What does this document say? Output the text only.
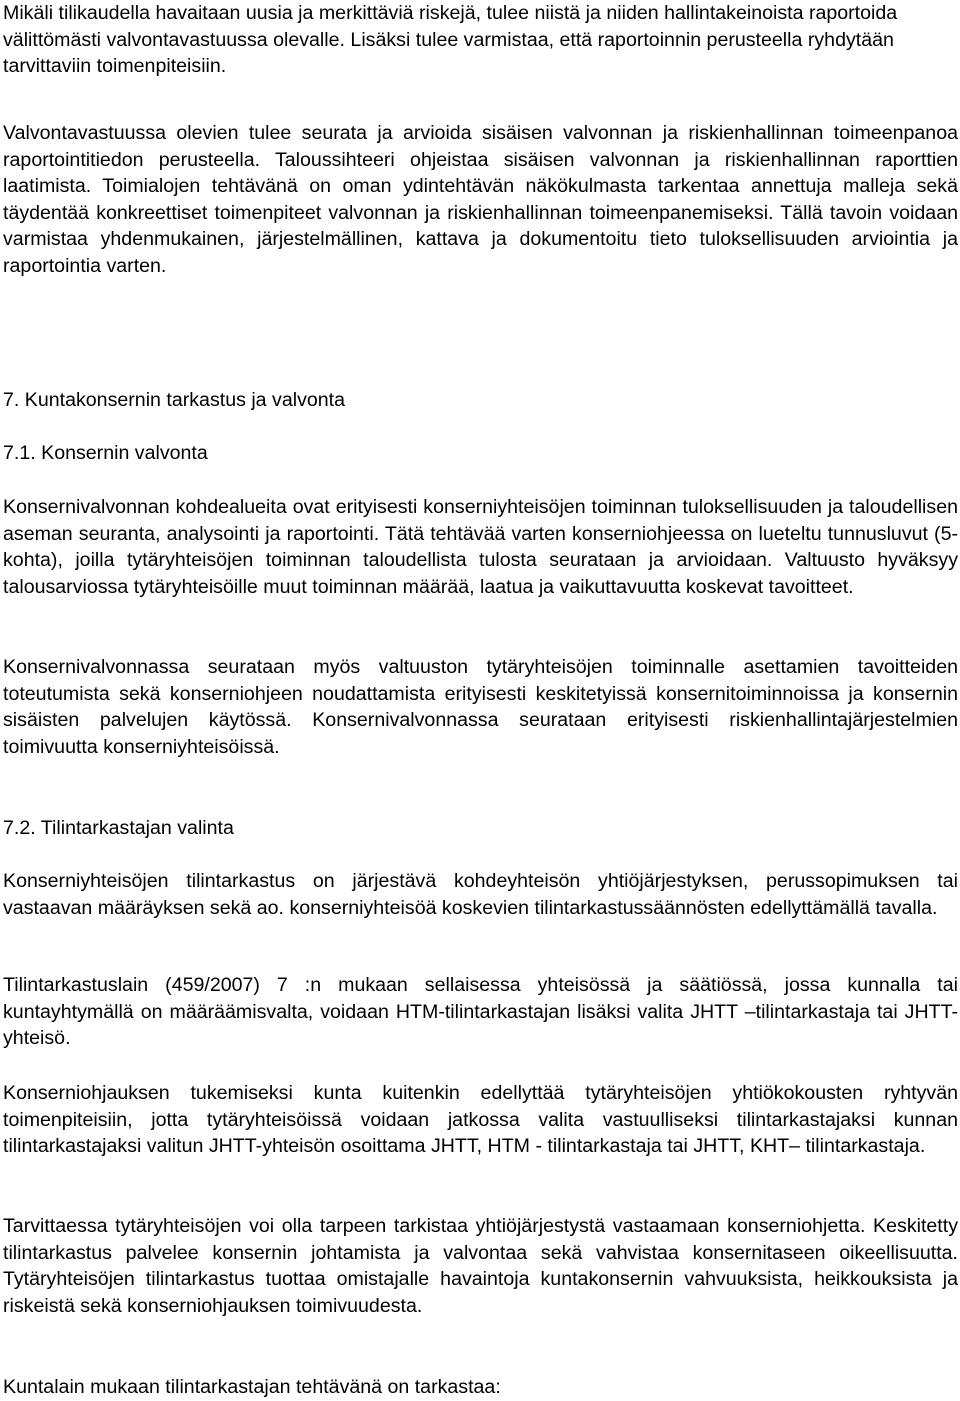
Mikäli tilikaudella havaitaan uusia ja merkittäviä riskejä, tulee niistä ja niiden hallintakeinoista raportoida välittömästi valvontavastuussa olevalle. Lisäksi tulee varmistaa, että raportoinnin perusteella ryhdytään tarvittaviin toimenpiteisiin.

Valvontavastuussa olevien tulee seurata ja arvioida sisäisen valvonnan ja riskienhallinnan toimeenpanoa raportointitiedon perusteella. Taloussihteeri ohjeistaa sisäisen valvonnan ja riskienhallinnan raporttien laatimista. Toimialojen tehtävänä on oman ydintehtävän näkökulmasta tarkentaa annettuja malleja sekä täydentää konkreettiset toimenpiteet valvonnan ja riskienhallinnan toimeenpanemiseksi. Tällä tavoin voidaan varmistaa yhdenmukainen, järjestelmällinen, kattava ja dokumentoitu tieto tuloksellisuuden arviointia ja raportointia varten.

7. Kuntakonsernin tarkastus ja valvonta
7.1. Konsernin valvonta

Konsernivalvonnan kohdealueita ovat erityisesti konserniyhteisöjen toiminnan tuloksellisuuden ja taloudellisen aseman seuranta, analysointi ja raportointi. Tätä tehtävää varten konserniohjeessa on lueteltu tunnusluvut (5-kohta), joilla tytäryhteisöjen toiminnan taloudellista tulosta seurataan ja arvioidaan. Valtuusto hyväksyy talousarviossa tytäryhteisöille muut toiminnan määrää, laatua ja vaikuttavuutta koskevat tavoitteet.

Konsernivalvonnassa seurataan myös valtuuston tytäryhteisöjen toiminnalle asettamien tavoitteiden toteutumista sekä konserniohjeen noudattamista erityisesti keskitetyissä konsernitoiminnoissa ja konsernin sisäisten palvelujen käytössä. Konsernivalvonnassa seurataan erityisesti riskienhallintajärjestelmien toimivuutta konserniyhteisöissä.

7.2. Tilintarkastajan valinta

Konserniyhteisöjen tilintarkastus on järjestävä kohdeyhteisön yhtiöjärjestyksen, perussopimuksen tai vastaavan määräyksen sekä ao. konserniyhteisöä koskevien tilintarkastussäännösten edellyttämällä tavalla.

Tilintarkastuslain (459/2007) 7 :n mukaan sellaisessa yhteisössä ja säätiössä, jossa kunnalla tai kuntayhtymällä on määräämisvalta, voidaan HTM-tilintarkastajan lisäksi valita JHTT –tilintarkastaja tai JHTT-yhteisö.

Konserniohjauksen tukemiseksi kunta kuitenkin edellyttää tytäryhteisöjen yhtiökokousten ryhtyvän toimenpiteisiin, jotta tytäryhteisöissä voidaan jatkossa valita vastuulliseksi tilintarkastajaksi kunnan tilintarkastajaksi valitun JHTT-yhteisön osoittama JHTT, HTM - tilintarkastaja tai JHTT, KHT– tilintarkastaja.

Tarvittaessa tytäryhteisöjen voi olla tarpeen tarkistaa yhtiöjärjestystä vastaamaan konserniohjetta. Keskitetty tilintarkastus palvelee konsernin johtamista ja valvontaa sekä vahvistaa konsernitaseen oikeellisuutta. Tytäryhteisöjen tilintarkastus tuottaa omistajalle havaintoja kuntakonsernin vahvuuksista, heikkouksista ja riskeistä sekä konserniohjauksen toimivuudesta.

Kuntalain mukaan tilintarkastajan tehtävänä on tarkastaa:
